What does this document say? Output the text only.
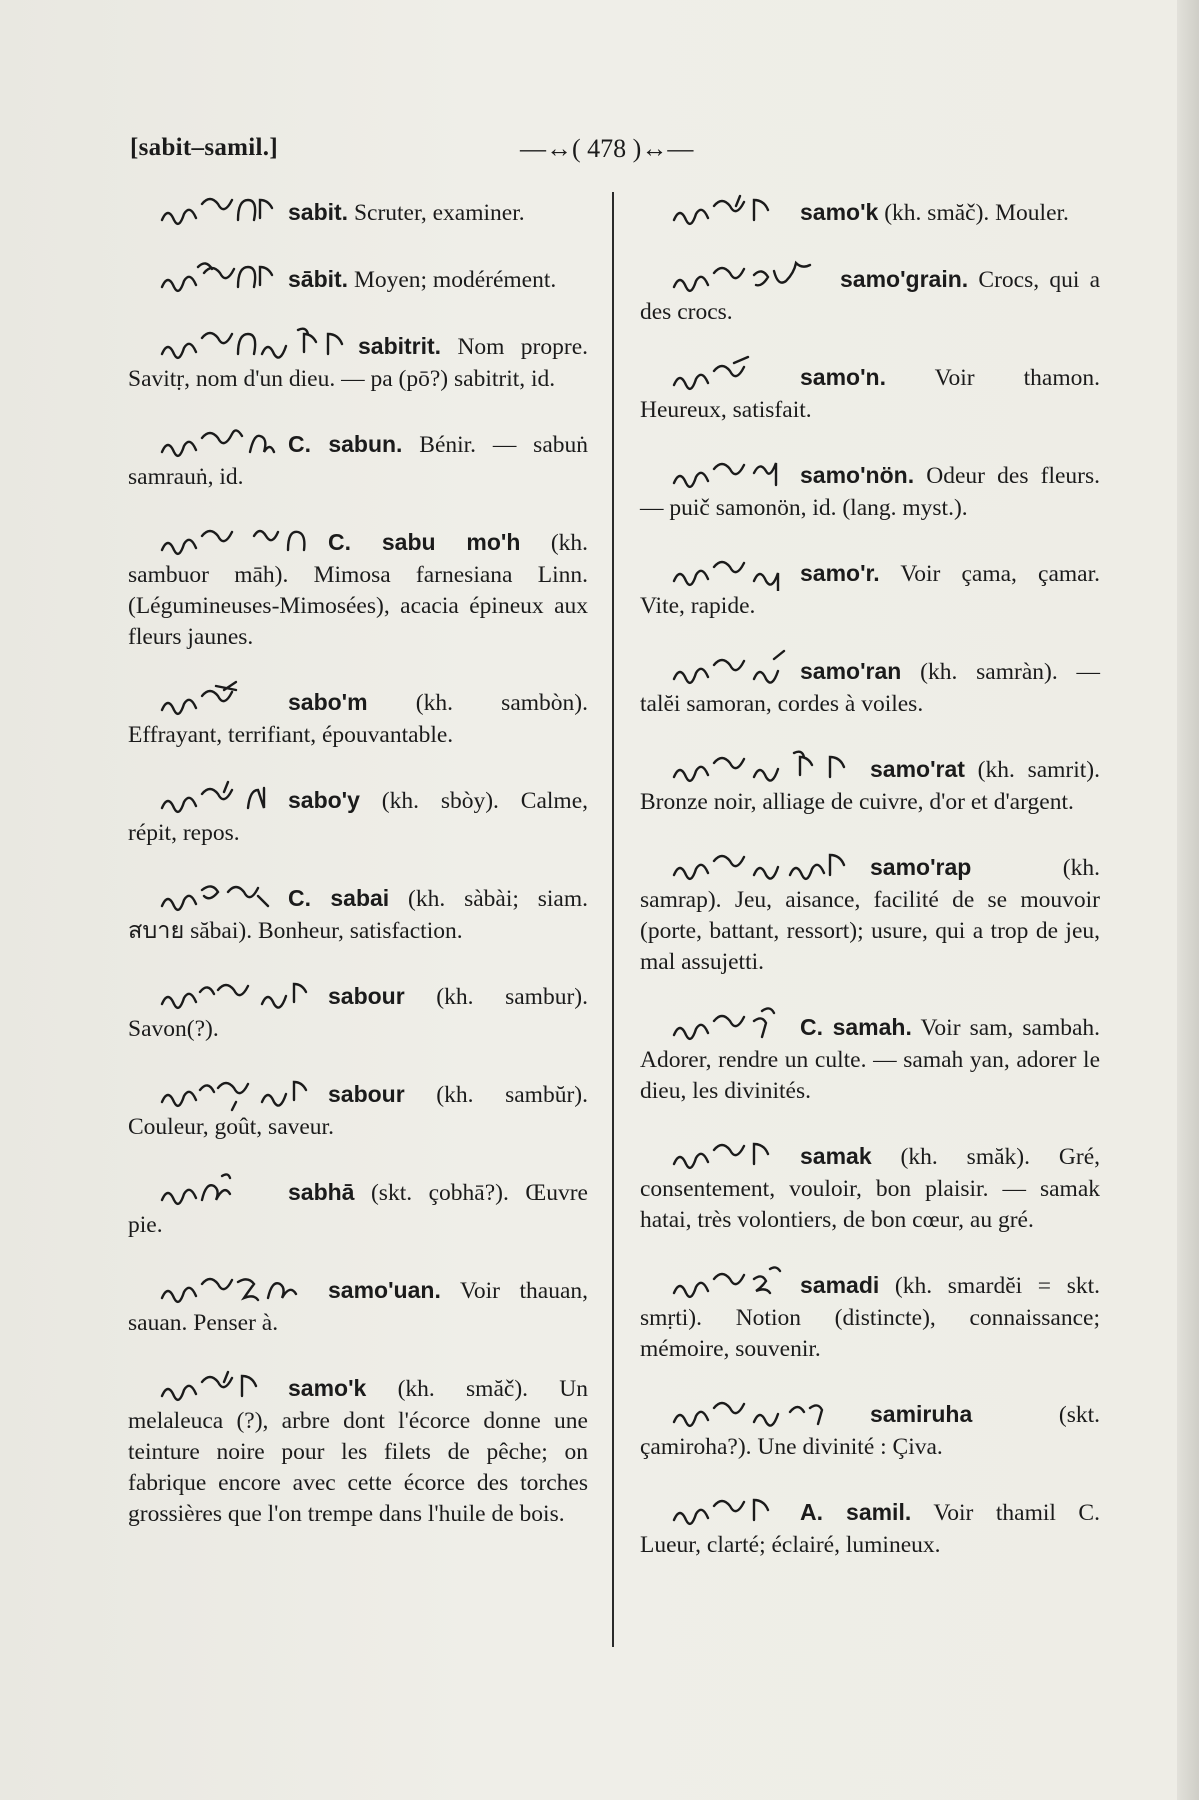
[sabit–samil.]	—↔( 478 )↔—

sabit. Scruter, examiner.

sābit. Moyen; modérément.

sabitrit. Nom propre. Savitṛ, nom d'un dieu. — pa (pō?) sabitrit, id.

C. sabun. Bénir. — sabuṅ samrauṅ, id.

C. sabu mo'h (kh. sambuor māh). Mimosa farnesiana Linn. (Légumineuses-Mimosées), acacia épineux aux fleurs jaunes.

sabo'm (kh. sambòn). Effrayant, terrifiant, épouvantable.

sabo'y (kh. sbòy). Calme, répit, repos.

C. sabai (kh. sàbài; siam. สบาย săbai). Bonheur, satisfaction.

sabour (kh. sambur). Savon(?).

sabour (kh. sambŭr). Couleur, goût, saveur.

sabhā (skt. çobhā?). Œuvre pie.

samo'uan. Voir thauan, sauan. Penser à.

samo'k (kh. smăč). Un melaleuca (?), arbre dont l'écorce donne une teinture noire pour les filets de pêche; on fabrique encore avec cette écorce des torches grossières que l'on trempe dans l'huile de bois.

samo'k (kh. smăč). Mouler.

samo'grain. Crocs, qui a des crocs.

samo'n. Voir thamon. Heureux, satisfait.

samo'nön. Odeur des fleurs. — puič samonön, id. (lang. myst.).

samo'r. Voir çama, çamar. Vite, rapide.

samo'ran (kh. samràn). — talĕi samoran, cordes à voiles.

samo'rat (kh. samrit). Bronze noir, alliage de cuivre, d'or et d'argent.

samo'rap	(kh. samrap). Jeu, aisance, facilité de se mouvoir (porte, battant, ressort); usure, qui a trop de jeu, mal assujetti.

C. samah. Voir sam, sambah. Adorer, rendre un culte. — samah yan, adorer le dieu, les divinités.

samak (kh. smăk). Gré, consentement, vouloir, bon plaisir. — samak hatai, très volontiers, de bon cœur, au gré.

samadi (kh. smardĕi = skt. smṛti). Notion (distincte), connaissance; mémoire, souvenir.

samiruha	(skt. çamiroha?). Une divinité : Çiva.

A. samil. Voir thamil C. Lueur, clarté; éclairé, lumineux.
